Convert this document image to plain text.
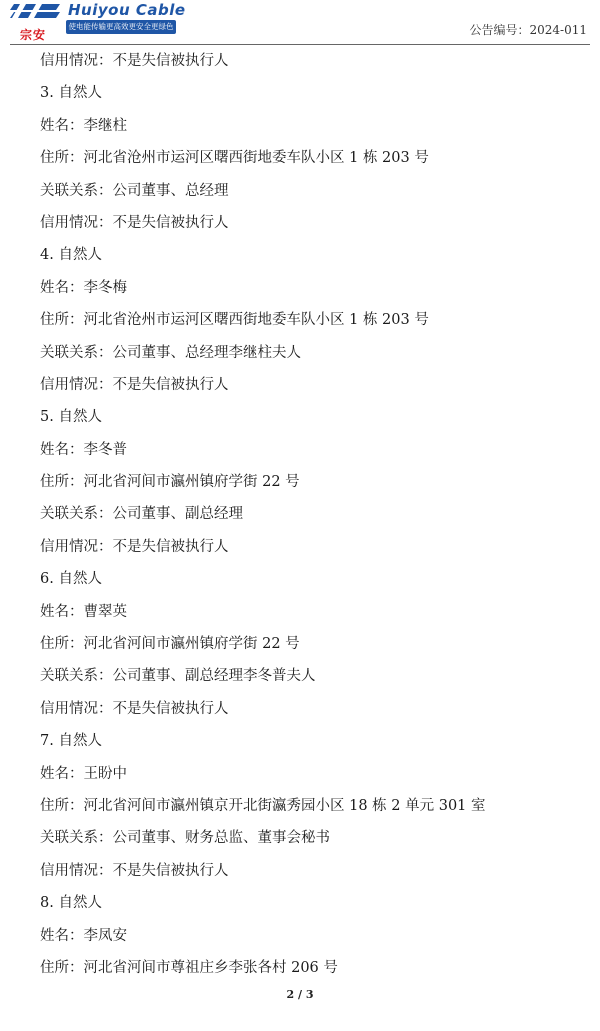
Huiyou Cable
宗安
使电能传输更高效更安全更绿色	公告编号：2024-011
信用情况：不是失信被执行人
3. 自然人
姓名：李继柱
住所：河北省沧州市运河区曙西街地委车队小区 1 栋 203 号
关联关系：公司董事、总经理
信用情况：不是失信被执行人
4. 自然人
姓名：李冬梅
住所：河北省沧州市运河区曙西街地委车队小区 1 栋 203 号
关联关系：公司董事、总经理李继柱夫人
信用情况：不是失信被执行人
5. 自然人
姓名：李冬普
住所：河北省河间市瀛州镇府学街 22 号
关联关系：公司董事、副总经理
信用情况：不是失信被执行人
6. 自然人
姓名：曹翠英
住所：河北省河间市瀛州镇府学街 22 号
关联关系：公司董事、副总经理李冬普夫人
信用情况：不是失信被执行人
7. 自然人
姓名：王盼中
住所：河北省河间市瀛州镇京开北街瀛秀园小区 18 栋 2 单元 301 室
关联关系：公司董事、财务总监、董事会秘书
信用情况：不是失信被执行人
8. 自然人
姓名：李凤安
住所：河北省河间市尊祖庄乡李张各村 206 号
2 / 3
